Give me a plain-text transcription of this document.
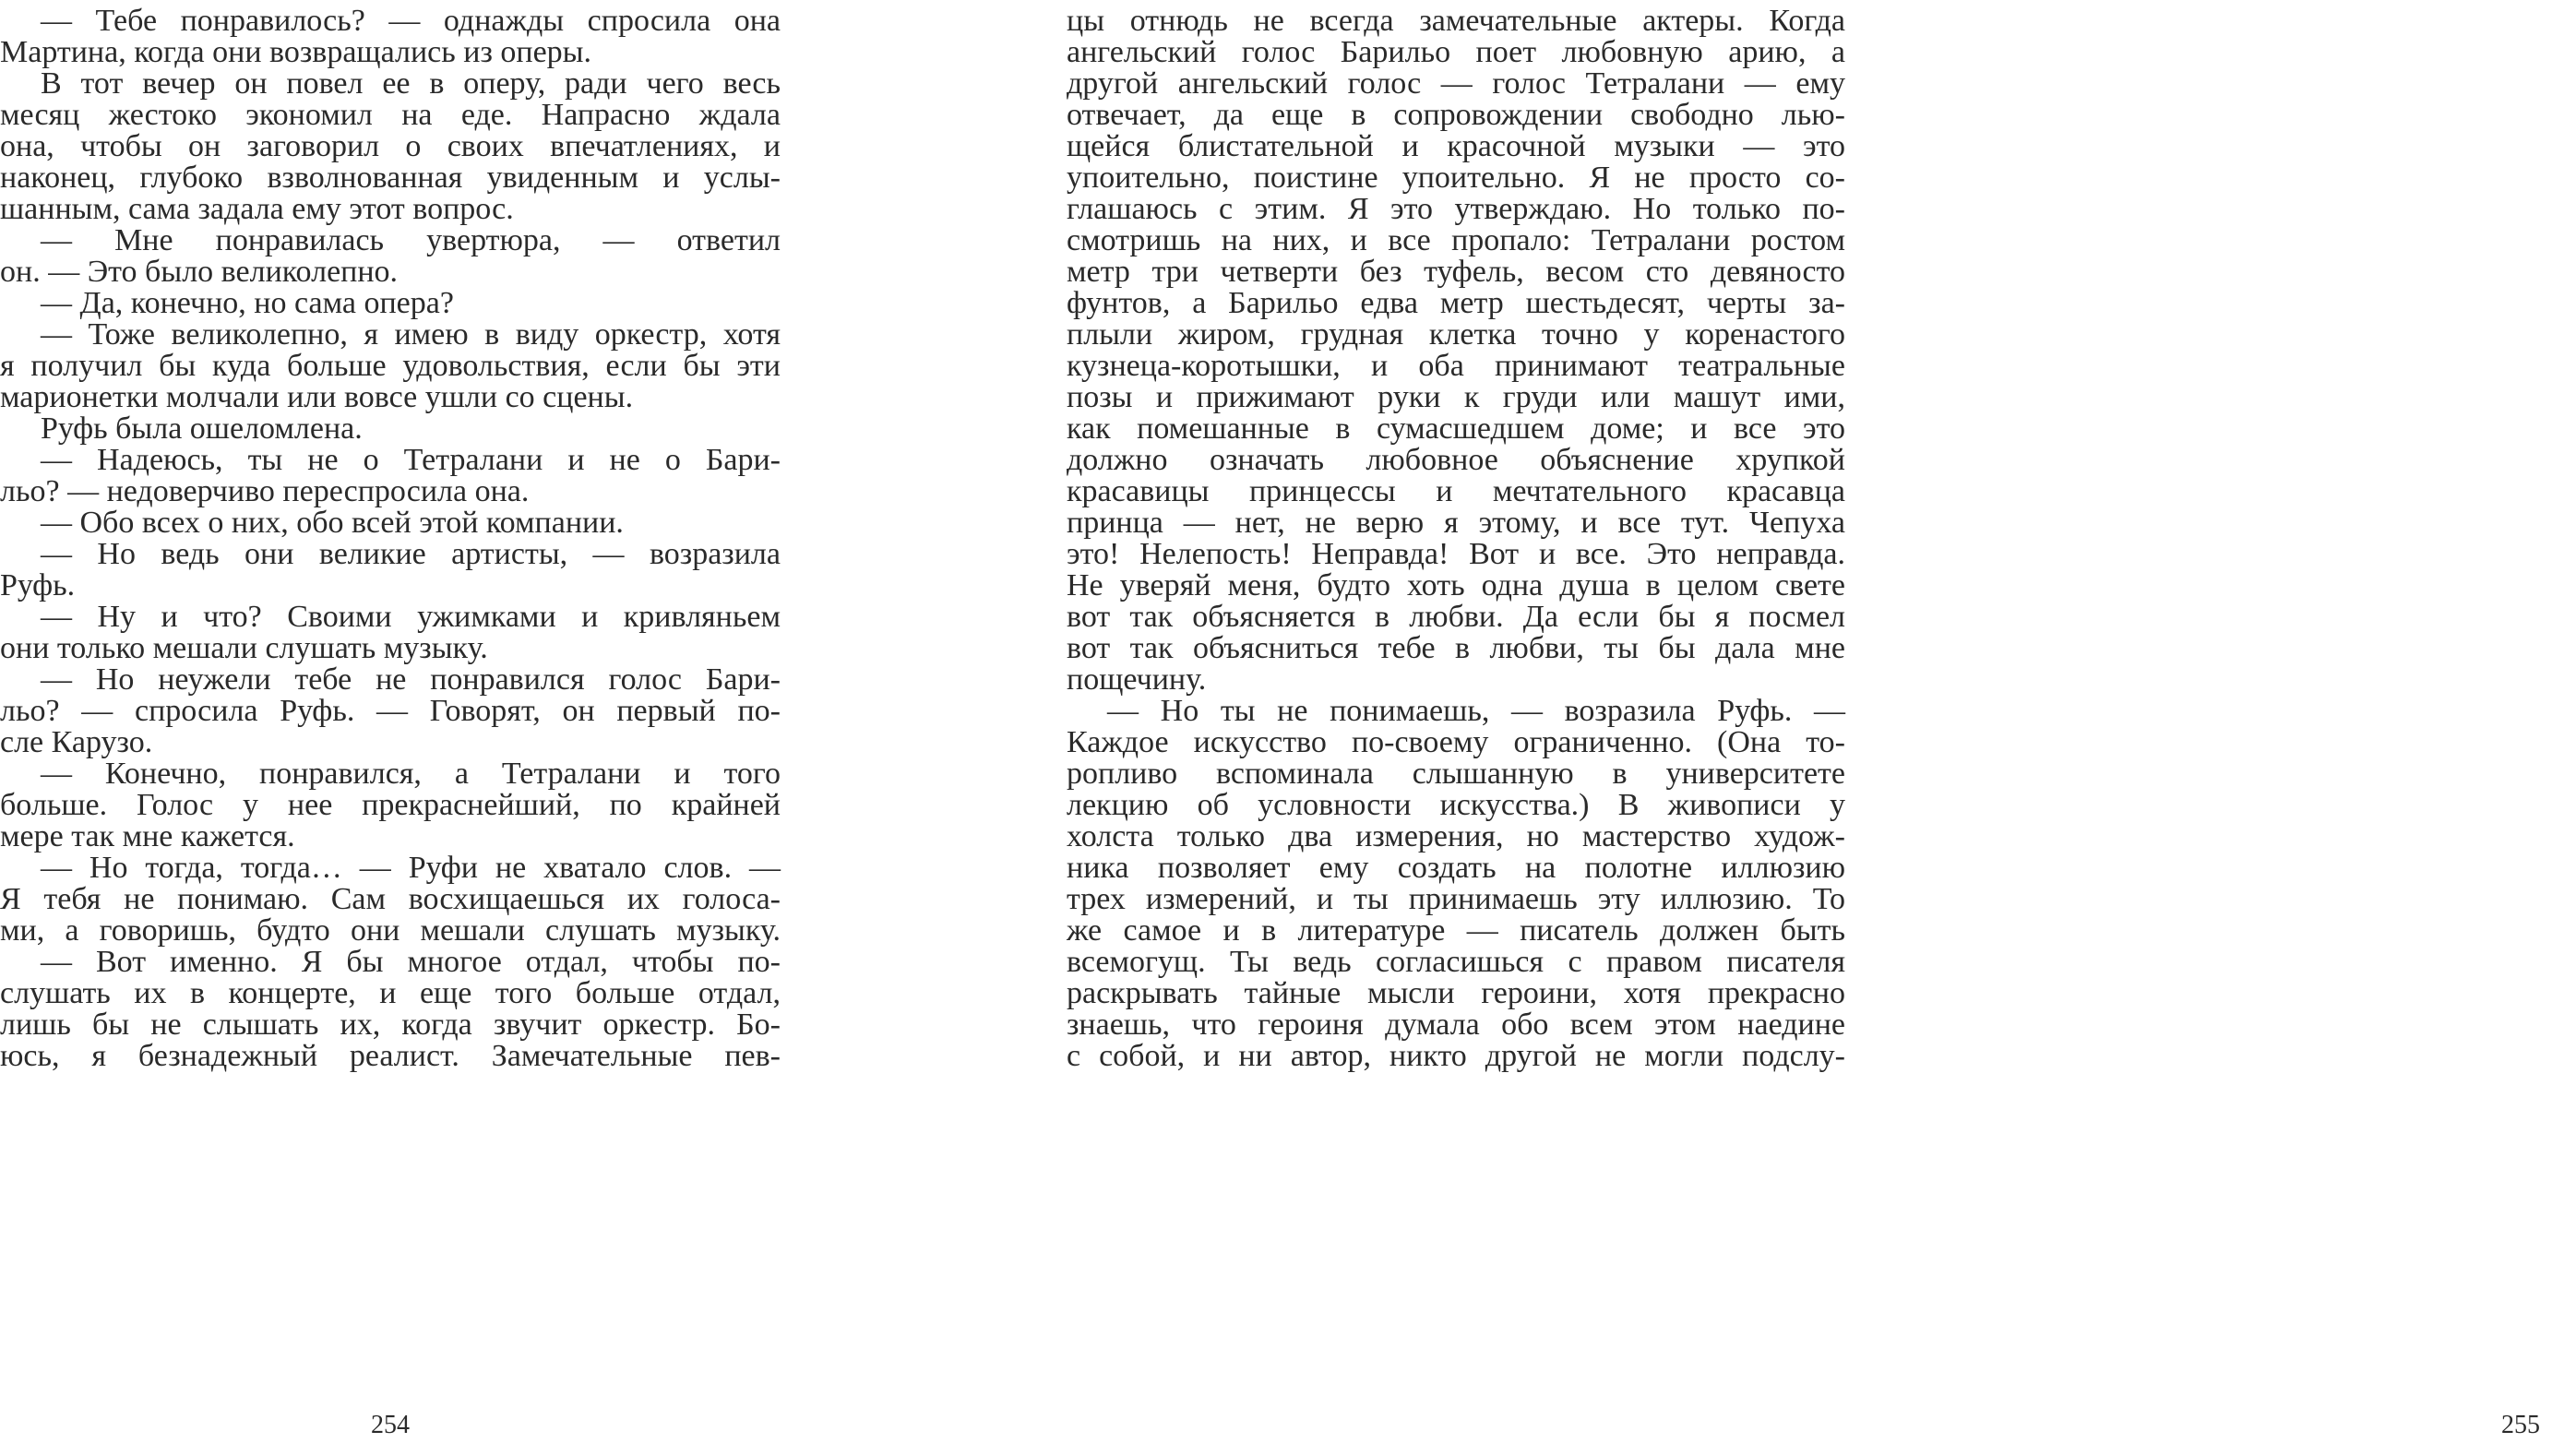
— Тебе понравилось? — однажды спросила она
Мартина, когда они возвращались из оперы.
В тот вечер он повел ее в оперу, ради чего весь
месяц жестоко экономил на еде. Напрасно ждала
она, чтобы он заговорил о своих впечатлениях, и
наконец, глубоко взволнованная увиденным и услы-
шанным, сама задала ему этот вопрос.
— Мне понравилась увертюра, — ответил
он. — Это было великолепно.
— Да, конечно, но сама опера?
— Тоже великолепно, я имею в виду оркестр, хотя
я получил бы куда больше удовольствия, если бы эти
марионетки молчали или вовсе ушли со сцены.
Руфь была ошеломлена.
— Надеюсь, ты не о Тетралани и не о Бари-
льо? — недоверчиво переспросила она.
— Обо всех о них, обо всей этой компании.
— Но ведь они великие артисты, — возразила
Руфь.
— Ну и что? Своими ужимками и кривляньем
они только мешали слушать музыку.
— Но неужели тебе не понравился голос Бари-
льо? — спросила Руфь. — Говорят, он первый по-
сле Карузо.
— Конечно, понравился, а Тетралани и того
больше. Голос у нее прекраснейший, по крайней
мере так мне кажется.
— Но тогда, тогда… — Руфи не хватало слов. —
Я тебя не понимаю. Сам восхищаешься их голоса-
ми, а говоришь, будто они мешали слушать музыку.
— Вот именно. Я бы многое отдал, чтобы по-
слушать их в концерте, и еще того больше отдал,
лишь бы не слышать их, когда звучит оркестр. Бо-
юсь, я безнадежный реалист. Замечательные пев-
254
цы отнюдь не всегда замечательные актеры. Когда
ангельский голос Барильо поет любовную арию, а
другой ангельский голос — голос Тетралани — ему
отвечает, да еще в сопровождении свободно лью-
щейся блистательной и красочной музыки — это
упоительно, поистине упоительно. Я не просто со-
глашаюсь с этим. Я это утверждаю. Но только по-
смотришь на них, и все пропало: Тетралани ростом
метр три четверти без туфель, весом сто девяносто
фунтов, а Барильо едва метр шестьдесят, черты за-
плыли жиром, грудная клетка точно у коренастого
кузнеца-коротышки, и оба принимают театральные
позы и прижимают руки к груди или машут ими,
как помешанные в сумасшедшем доме; и все это
должно означать любовное объяснение хрупкой
красавицы принцессы и мечтательного красавца
принца — нет, не верю я этому, и все тут. Чепуха
это! Нелепость! Неправда! Вот и все. Это неправда.
Не уверяй меня, будто хоть одна душа в целом свете
вот так объясняется в любви. Да если бы я посмел
вот так объясниться тебе в любви, ты бы дала мне
пощечину.
— Но ты не понимаешь, — возразила Руфь. —
Каждое искусство по-своему ограниченно. (Она то-
ропливо вспоминала слышанную в университете
лекцию об условности искусства.) В живописи у
холста только два измерения, но мастерство худож-
ника позволяет ему создать на полотне иллюзию
трех измерений, и ты принимаешь эту иллюзию. То
же самое и в литературе — писатель должен быть
всемогущ. Ты ведь согласишься с правом писателя
раскрывать тайные мысли героини, хотя прекрасно
знаешь, что героиня думала обо всем этом наедине
с собой, и ни автор, никто другой не могли подслу-
255
